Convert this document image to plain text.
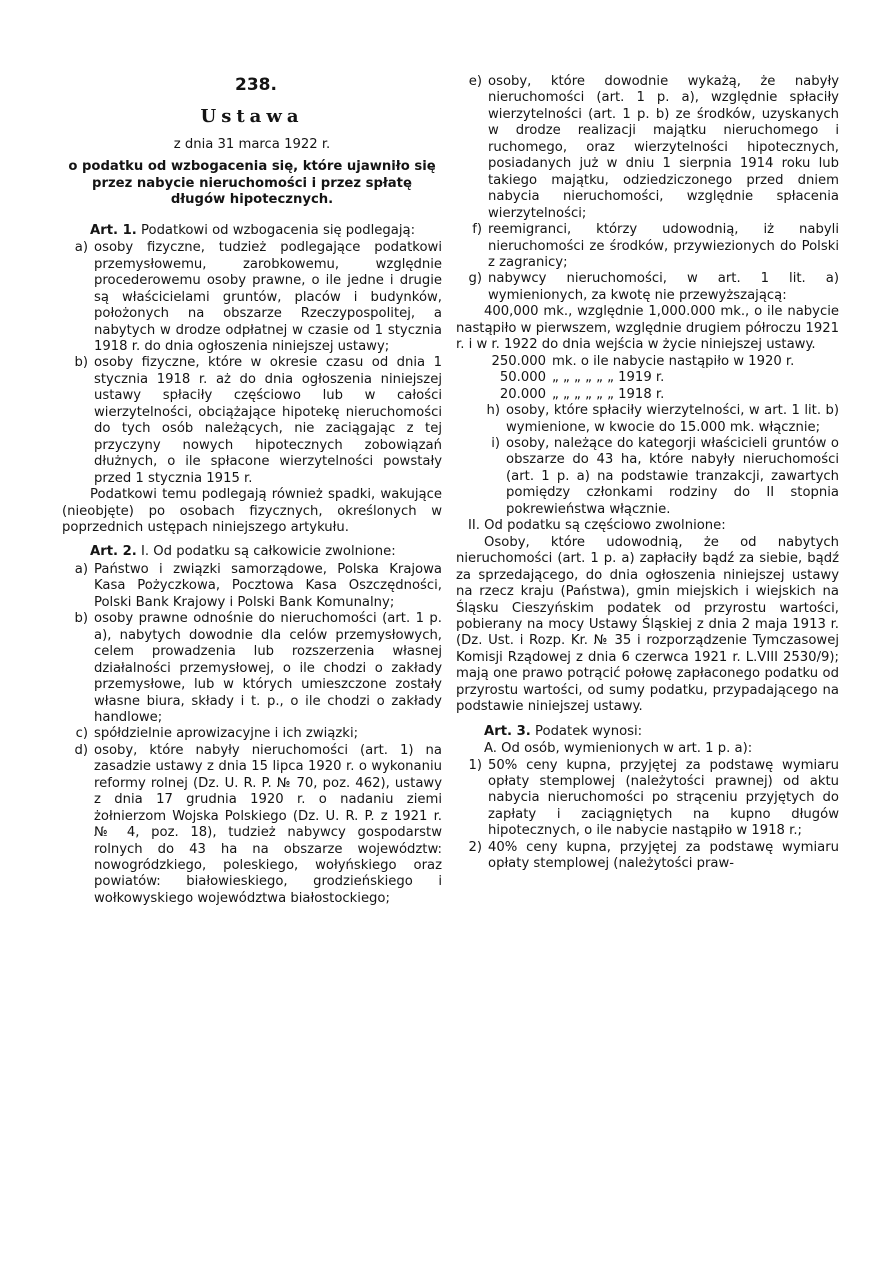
238.

Ustawa

z dnia 31 marca 1922 r.

o podatku od wzbogacenia się, które ujawniło się przez nabycie nieruchomości i przez spłatę długów hipotecznych.

Art. 1. Podatkowi od wzbogacenia się podlegają:

a) osoby fizyczne, tudzież podlegające podatkowi przemysłowemu, zarobkowemu, względnie procederowemu osoby prawne, o ile jedne i drugie są właścicielami gruntów, placów i budynków, położonych na obszarze Rzeczypospolitej, a nabytych w drodze odpłatnej w czasie od 1 stycznia 1918 r. do dnia ogłoszenia niniejszej ustawy;
b) osoby fizyczne, które w okresie czasu od dnia 1 stycznia 1918 r. aż do dnia ogłoszenia niniejszej ustawy spłaciły częściowo lub w całości wierzytelności, obciążające hipotekę nieruchomości do tych osób należących, nie zaciągając z tej przyczyny nowych hipotecznych zobowiązań dłużnych, o ile spłacone wierzytelności powstały przed 1 stycznia 1915 r.

Podatkowi temu podlegają również spadki, wakujące (nieobjęte) po osobach fizycznych, określonych w poprzednich ustępach niniejszego artykułu.

Art. 2. I. Od podatku są całkowicie zwolnione:

a) Państwo i związki samorządowe, Polska Krajowa Kasa Pożyczkowa, Pocztowa Kasa Oszczędności, Polski Bank Krajowy i Polski Bank Komunalny;
b) osoby prawne odnośnie do nieruchomości (art. 1 p. a), nabytych dowodnie dla celów przemysłowych, celem prowadzenia lub rozszerzenia własnej działalności przemysłowej, o ile chodzi o zakłady przemysłowe, lub w których umieszczone zostały własne biura, składy i t. p., o ile chodzi o zakłady handlowe;
c) spółdzielnie aprowizacyjne i ich związki;
d) osoby, które nabyły nieruchomości (art. 1) na zasadzie ustawy z dnia 15 lipca 1920 r. o wykonaniu reformy rolnej (Dz. U. R. P. № 70, poz. 462), ustawy z dnia 17 grudnia 1920 r. o nadaniu ziemi żołnierzom Wojska Polskiego (Dz. U. R. P. z 1921 r. № 4, poz. 18), tudzież nabywcy gospodarstw rolnych do 43 ha na obszarze województw: nowogródzkiego, poleskiego, wołyńskiego oraz powiatów: białowieskiego, grodzieńskiego i wołkowyskiego województwa białostockiego;
e) osoby, które dowodnie wykażą, że nabyły nieruchomości (art. 1 p. a), względnie spłaciły wierzytelności (art. 1 p. b) ze środków, uzyskanych w drodze realizacji majątku nieruchomego i ruchomego, oraz wierzytelności hipotecznych, posiadanych już w dniu 1 sierpnia 1914 roku lub takiego majątku, odziedziczonego przed dniem nabycia nieruchomości, względnie spłacenia wierzytelności;
f) reemigranci, którzy udowodnią, iż nabyli nieruchomości ze środków, przywiezionych do Polski z zagranicy;
g) nabywcy nieruchomości, w art. 1 lit. a) wymienionych, za kwotę nie przewyższającą:

400,000 mk., względnie 1,000.000 mk., o ile nabycie nastąpiło w pierwszem, względnie drugiem półroczu 1921 r. i w r. 1922 do dnia wejścia w życie niniejszej ustawy.

250.000 mk. o ile nabycie nastąpiło w 1920 r.
50.000 „ „ „ „ „ „ 1919 r.
20.000 „ „ „ „ „ „ 1918 r.
h) osoby, które spłaciły wierzytelności, w art. 1 lit. b) wymienione, w kwocie do 15.000 mk. włącznie;
i) osoby, należące do kategorji właścicieli gruntów o obszarze do 43 ha, które nabyły nieruchomości (art. 1 p. a) na podstawie tranzakcji, zawartych pomiędzy członkami rodziny do II stopnia pokrewieństwa włącznie.

II. Od podatku są częściowo zwolnione:

Osoby, które udowodnią, że od nabytych nieruchomości (art. 1 p. a) zapłaciły bądź za siebie, bądź za sprzedającego, do dnia ogłoszenia niniejszej ustawy na rzecz kraju (Państwa), gmin miejskich i wiejskich na Śląsku Cieszyńskim podatek od przyrostu wartości, pobierany na mocy Ustawy Śląskiej z dnia 2 maja 1913 r. (Dz. Ust. i Rozp. Kr. № 35 i rozporządzenie Tymczasowej Komisji Rządowej z dnia 6 czerwca 1921 r. L.VIII 2530/9); mają one prawo potrącić połowę zapłaconego podatku od przyrostu wartości, od sumy podatku, przypadającego na podstawie niniejszej ustawy.

Art. 3. Podatek wynosi:

A. Od osób, wymienionych w art. 1 p. a):

1) 50% ceny kupna, przyjętej za podstawę wymiaru opłaty stemplowej (należytości prawnej) od aktu nabycia nieruchomości po strąceniu przyjętych do zapłaty i zaciągniętych na kupno długów hipotecznych, o ile nabycie nastąpiło w 1918 r.;
2) 40% ceny kupna, przyjętej za podstawę wymiaru opłaty stemplowej (należytości praw-
